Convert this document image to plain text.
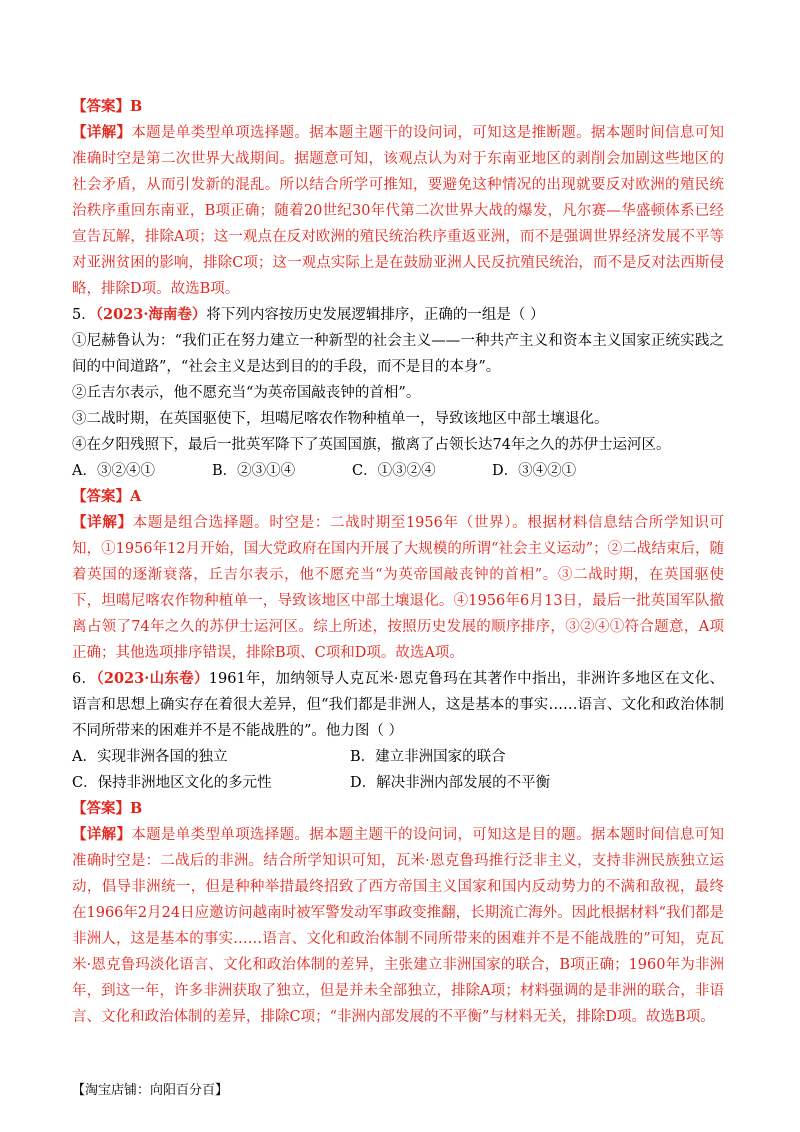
【答案】B

【详解】本题是单类型单项选择题。据本题主题干的设问词，可知这是推断题。据本题时间信息可知准确时空是第二次世界大战期间。据题意可知，该观点认为对于东南亚地区的剥削会加剧这些地区的社会矛盾，从而引发新的混乱。所以结合所学可推知，要避免这种情况的出现就要反对欧洲的殖民统治秩序重回东南亚，B项正确；随着20世纪30年代第二次世界大战的爆发，凡尔赛—华盛顿体系已经宣告瓦解，排除A项；这一观点在反对欧洲的殖民统治秩序重返亚洲，而不是强调世界经济发展不平等对亚洲贫困的影响，排除C项；这一观点实际上是在鼓励亚洲人民反抗殖民统治，而不是反对法西斯侵略，排除D项。故选B项。

5．（2023·海南卷）将下列内容按历史发展逻辑排序，正确的一组是（ ）

①尼赫鲁认为：“我们正在努力建立一种新型的社会主义——一种共产主义和资本主义国家正统实践之间的中间道路”，“社会主义是达到目的的手段，而不是目的本身”。

②丘吉尔表示，他不愿充当“为英帝国敲丧钟的首相”。

③二战时期，在英国驱使下，坦噶尼喀农作物种植单一，导致该地区中部土壤退化。

④在夕阳残照下，最后一批英军降下了英国国旗，撤离了占领长达74年之久的苏伊士运河区。

A．③②④①	B．②③①④	C．①③②④	D．③④②①

【答案】A

【详解】本题是组合选择题。时空是：二战时期至1956年（世界）。根据材料信息结合所学知识可知，①1956年12月开始，国大党政府在国内开展了大规模的所谓“社会主义运动”；②二战结束后，随着英国的逐渐衰落，丘吉尔表示，他不愿充当“为英帝国敲丧钟的首相”。③二战时期，在英国驱使下，坦噶尼喀农作物种植单一，导致该地区中部土壤退化。④1956年6月13日，最后一批英国军队撤离占领了74年之久的苏伊士运河区。综上所述，按照历史发展的顺序排序，③②④①符合题意，A项正确；其他选项排序错误，排除B项、C项和D项。故选A项。

6．（2023·山东卷）1961年，加纳领导人克瓦米·恩克鲁玛在其著作中指出，非洲许多地区在文化、语言和思想上确实存在着很大差异，但“我们都是非洲人，这是基本的事实……语言、文化和政治体制不同所带来的困难并不是不能战胜的”。他力图（ ）

A．实现非洲各国的独立	B．建立非洲国家的联合
C．保持非洲地区文化的多元性	D．解决非洲内部发展的不平衡

【答案】B

【详解】本题是单类型单项选择题。据本题主题干的设问词，可知这是目的题。据本题时间信息可知准确时空是：二战后的非洲。结合所学知识可知，瓦米·恩克鲁玛推行泛非主义，支持非洲民族独立运动，倡导非洲统一，但是种种举措最终招致了西方帝国主义国家和国内反动势力的不满和敌视，最终在1966年2月24日应邀访问越南时被军警发动军事政变推翻，长期流亡海外。因此根据材料“我们都是非洲人，这是基本的事实……语言、文化和政治体制不同所带来的困难并不是不能战胜的”可知，克瓦米·恩克鲁玛淡化语言、文化和政治体制的差异，主张建立非洲国家的联合，B项正确；1960年为非洲年，到这一年，许多非洲获取了独立，但是并未全部独立，排除A项；材料强调的是非洲的联合，非语言、文化和政治体制的差异，排除C项；“非洲内部发展的不平衡”与材料无关，排除D项。故选B项。

【淘宝店铺：向阳百分百】
